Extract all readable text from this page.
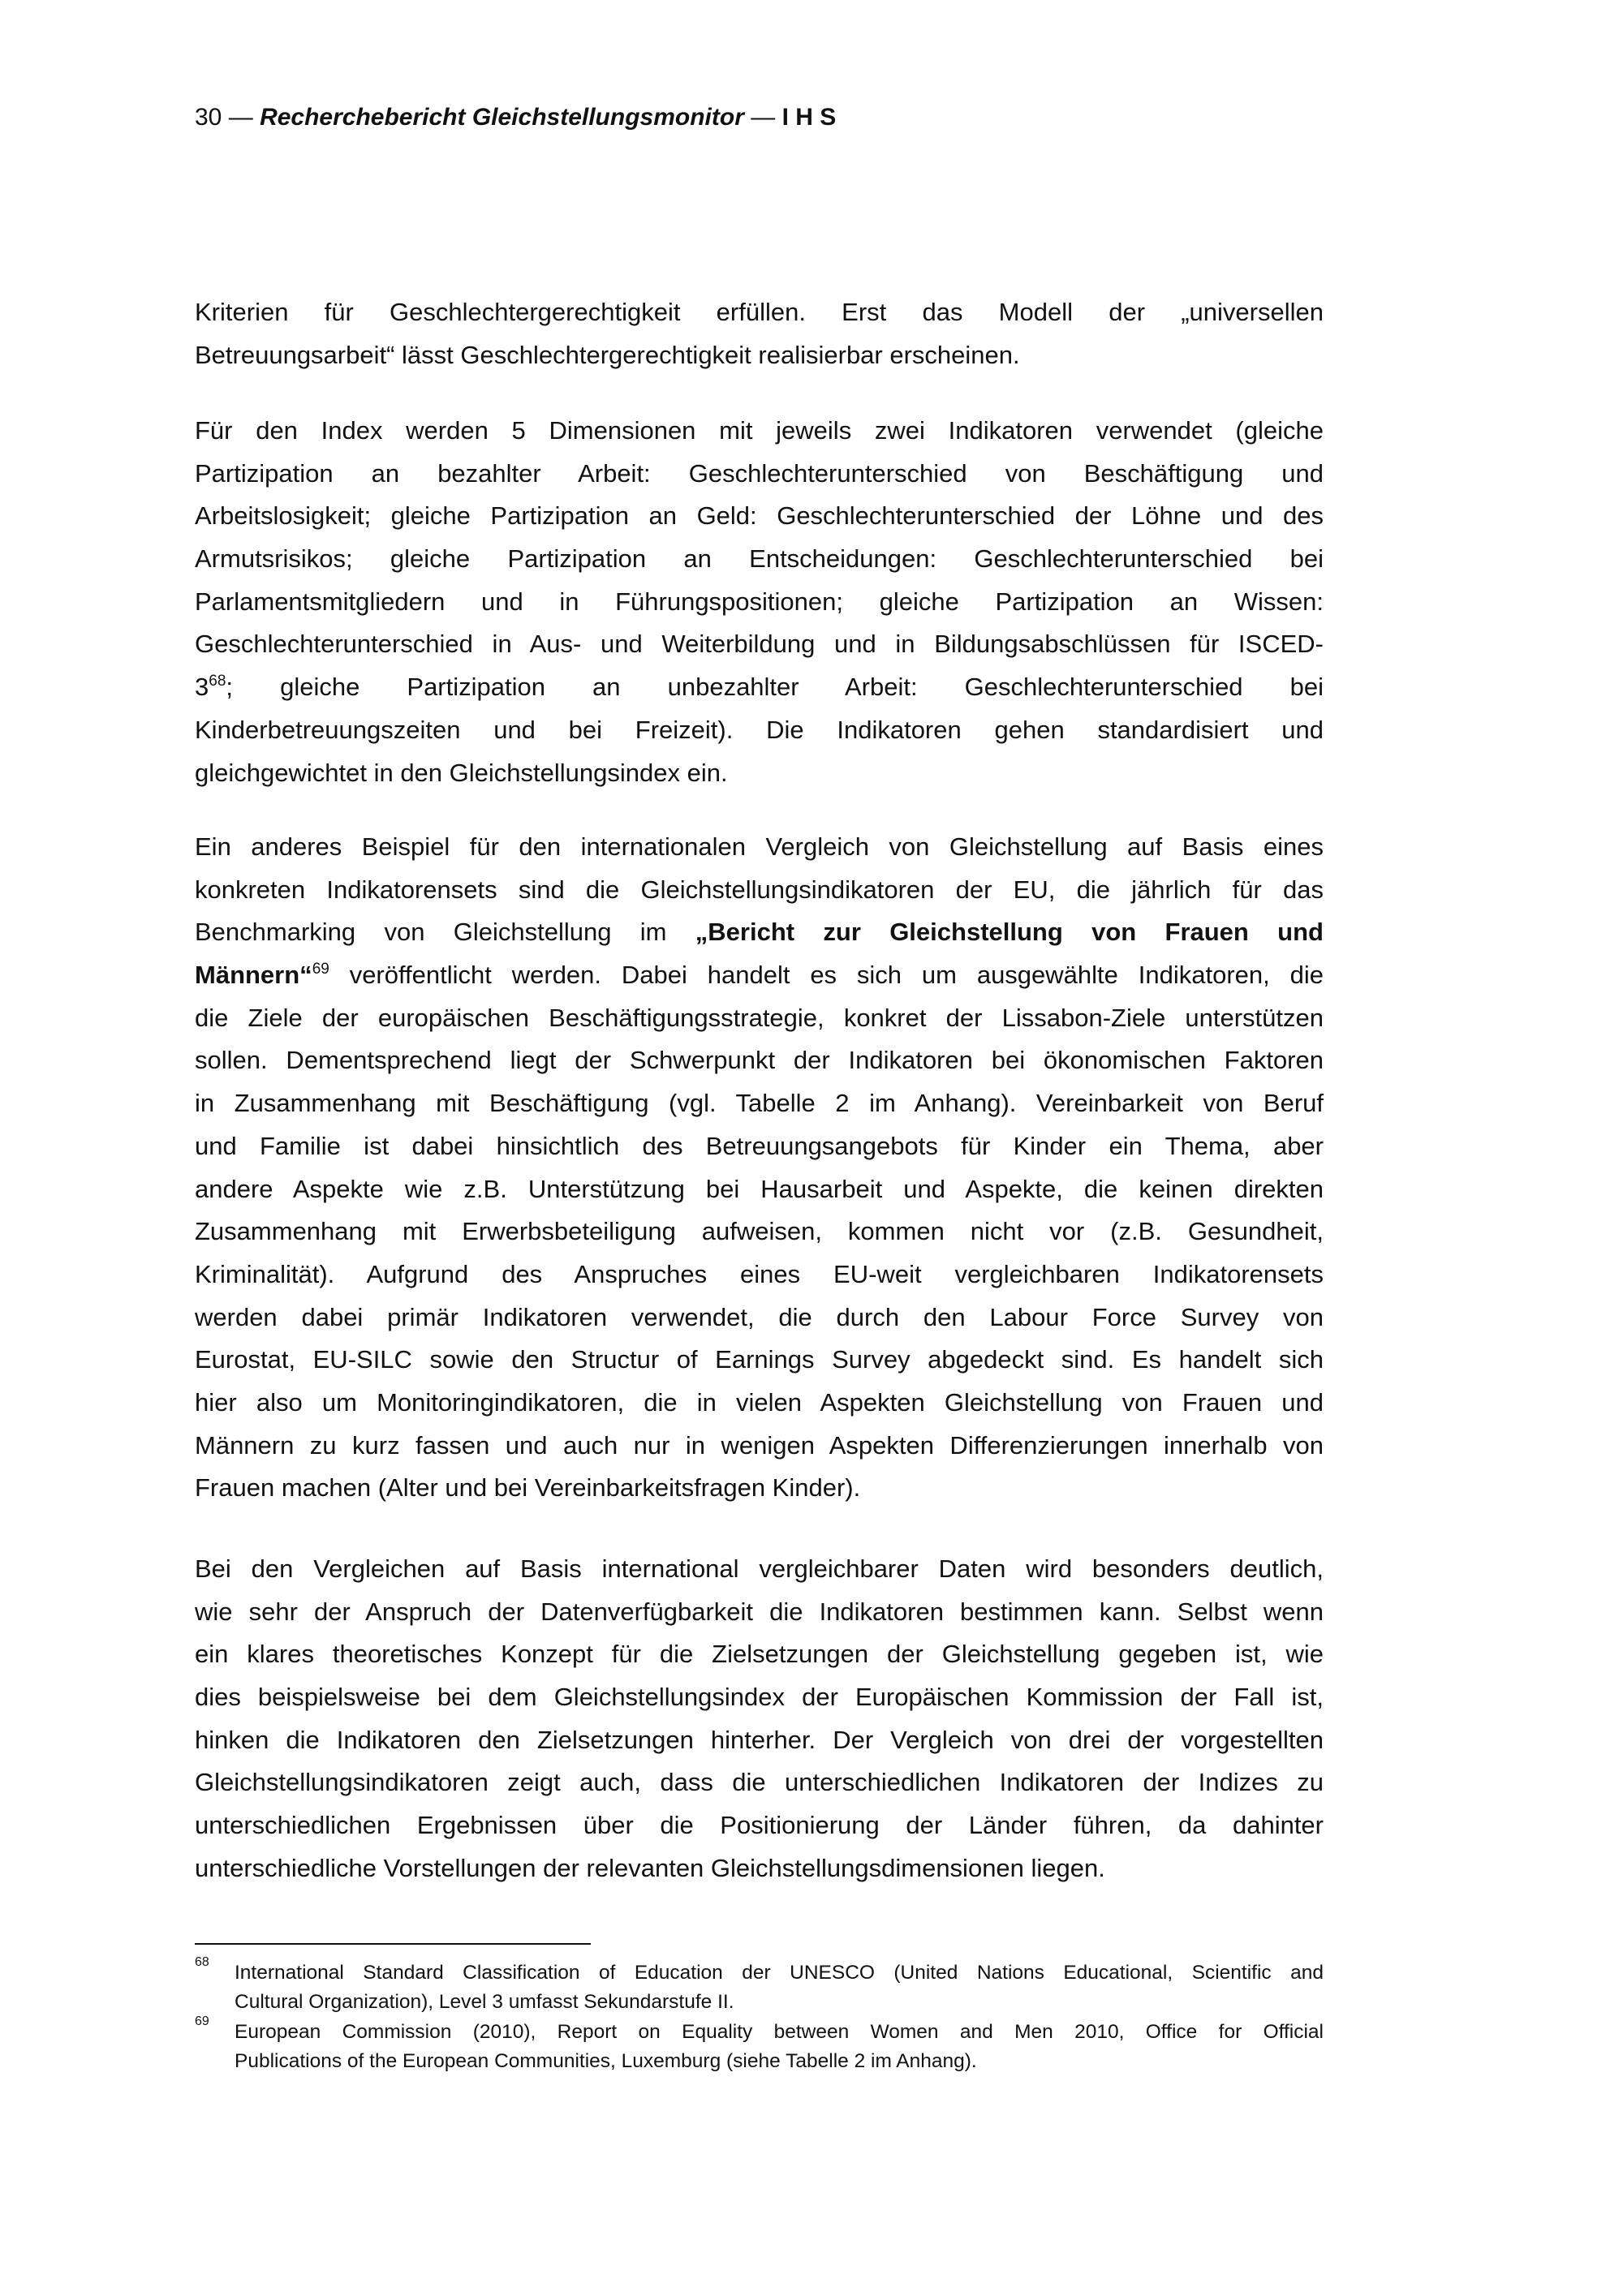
30 — Recherchebericht Gleichstellungsmonitor — I H S
Kriterien für Geschlechtergerechtigkeit erfüllen. Erst das Modell der „universellen
Betreuungsarbeit“ lässt Geschlechtergerechtigkeit realisierbar erscheinen.
Für den Index werden 5 Dimensionen mit jeweils zwei Indikatoren verwendet (gleiche
Partizipation an bezahlter Arbeit: Geschlechterunterschied von Beschäftigung und
Arbeitslosigkeit; gleiche Partizipation an Geld: Geschlechterunterschied der Löhne und des
Armutsrisikos; gleiche Partizipation an Entscheidungen: Geschlechterunterschied bei
Parlamentsmitgliedern und in Führungspositionen; gleiche Partizipation an Wissen:
Geschlechterunterschied in Aus- und Weiterbildung und in Bildungsabschlüssen für ISCED-
$3^{68}$; gleiche Partizipation an unbezahlter Arbeit: Geschlechterunterschied bei
Kinderbetreuungszeiten und bei Freizeit). Die Indikatoren gehen standardisiert und
gleichgewichtet in den Gleichstellungsindex ein.
Ein anderes Beispiel für den internationalen Vergleich von Gleichstellung auf Basis eines
konkreten Indikatorensets sind die Gleichstellungsindikatoren der EU, die jährlich für das
Benchmarking von Gleichstellung im „Bericht zur Gleichstellung von Frauen und
Männern“$^{69}$ veröffentlicht werden. Dabei handelt es sich um ausgewählte Indikatoren, die
die Ziele der europäischen Beschäftigungsstrategie, konkret der Lissabon-Ziele unterstützen
sollen. Dementsprechend liegt der Schwerpunkt der Indikatoren bei ökonomischen Faktoren
in Zusammenhang mit Beschäftigung (vgl. Tabelle 2 im Anhang). Vereinbarkeit von Beruf
und Familie ist dabei hinsichtlich des Betreuungsangebots für Kinder ein Thema, aber
andere Aspekte wie z.B. Unterstützung bei Hausarbeit und Aspekte, die keinen direkten
Zusammenhang mit Erwerbsbeteiligung aufweisen, kommen nicht vor (z.B. Gesundheit,
Kriminalität). Aufgrund des Anspruches eines EU-weit vergleichbaren Indikatorensets
werden dabei primär Indikatoren verwendet, die durch den Labour Force Survey von
Eurostat, EU-SILC sowie den Structur of Earnings Survey abgedeckt sind. Es handelt sich
hier also um Monitoringindikatoren, die in vielen Aspekten Gleichstellung von Frauen und
Männern zu kurz fassen und auch nur in wenigen Aspekten Differenzierungen innerhalb von
Frauen machen (Alter und bei Vereinbarkeitsfragen Kinder).
Bei den Vergleichen auf Basis international vergleichbarer Daten wird besonders deutlich,
wie sehr der Anspruch der Datenverfügbarkeit die Indikatoren bestimmen kann. Selbst wenn
ein klares theoretisches Konzept für die Zielsetzungen der Gleichstellung gegeben ist, wie
dies beispielsweise bei dem Gleichstellungsindex der Europäischen Kommission der Fall ist,
hinken die Indikatoren den Zielsetzungen hinterher. Der Vergleich von drei der vorgestellten
Gleichstellungsindikatoren zeigt auch, dass die unterschiedlichen Indikatoren der Indizes zu
unterschiedlichen Ergebnissen über die Positionierung der Länder führen, da dahinter
unterschiedliche Vorstellungen der relevanten Gleichstellungsdimensionen liegen.
68 International Standard Classification of Education der UNESCO (United Nations Educational, Scientific and
Cultural Organization), Level 3 umfasst Sekundarstufe II.
69 European Commission (2010), Report on Equality between Women and Men 2010, Office for Official
Publications of the European Communities, Luxemburg (siehe Tabelle 2 im Anhang).
